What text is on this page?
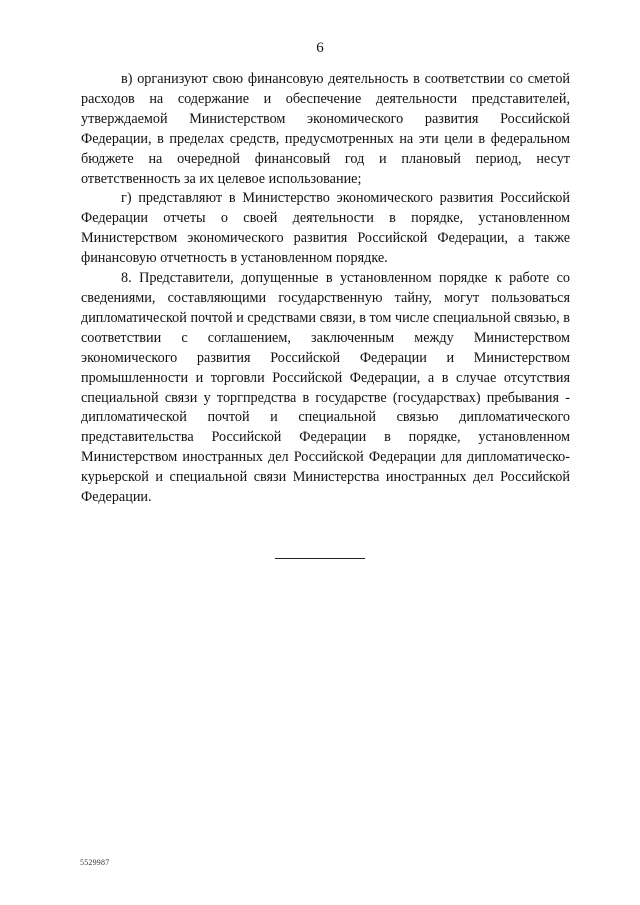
6

в) организуют свою финансовую деятельность в соответствии со сметой расходов на содержание и обеспечение деятельности представителей, утверждаемой Министерством экономического развития Российской Федерации, в пределах средств, предусмотренных на эти цели в федеральном бюджете на очередной финансовый год и плановый период, несут ответственность за их целевое использование;

г) представляют в Министерство экономического развития Российской Федерации отчеты о своей деятельности в порядке, установленном Министерством экономического развития Российской Федерации, а также финансовую отчетность в установленном порядке.

8. Представители, допущенные в установленном порядке к работе со сведениями, составляющими государственную тайну, могут пользоваться дипломатической почтой и средствами связи, в том числе специальной связью, в соответствии с соглашением, заключенным между Министерством экономического развития Российской Федерации и Министерством промышленности и торговли Российской Федерации, а в случае отсутствия специальной связи у торгпредства в государстве (государствах) пребывания - дипломатической почтой и специальной связью дипломатического представительства Российской Федерации в порядке, установленном Министерством иностранных дел Российской Федерации для дипломатическо-курьерской и специальной связи Министерства иностранных дел Российской Федерации.

5529987
